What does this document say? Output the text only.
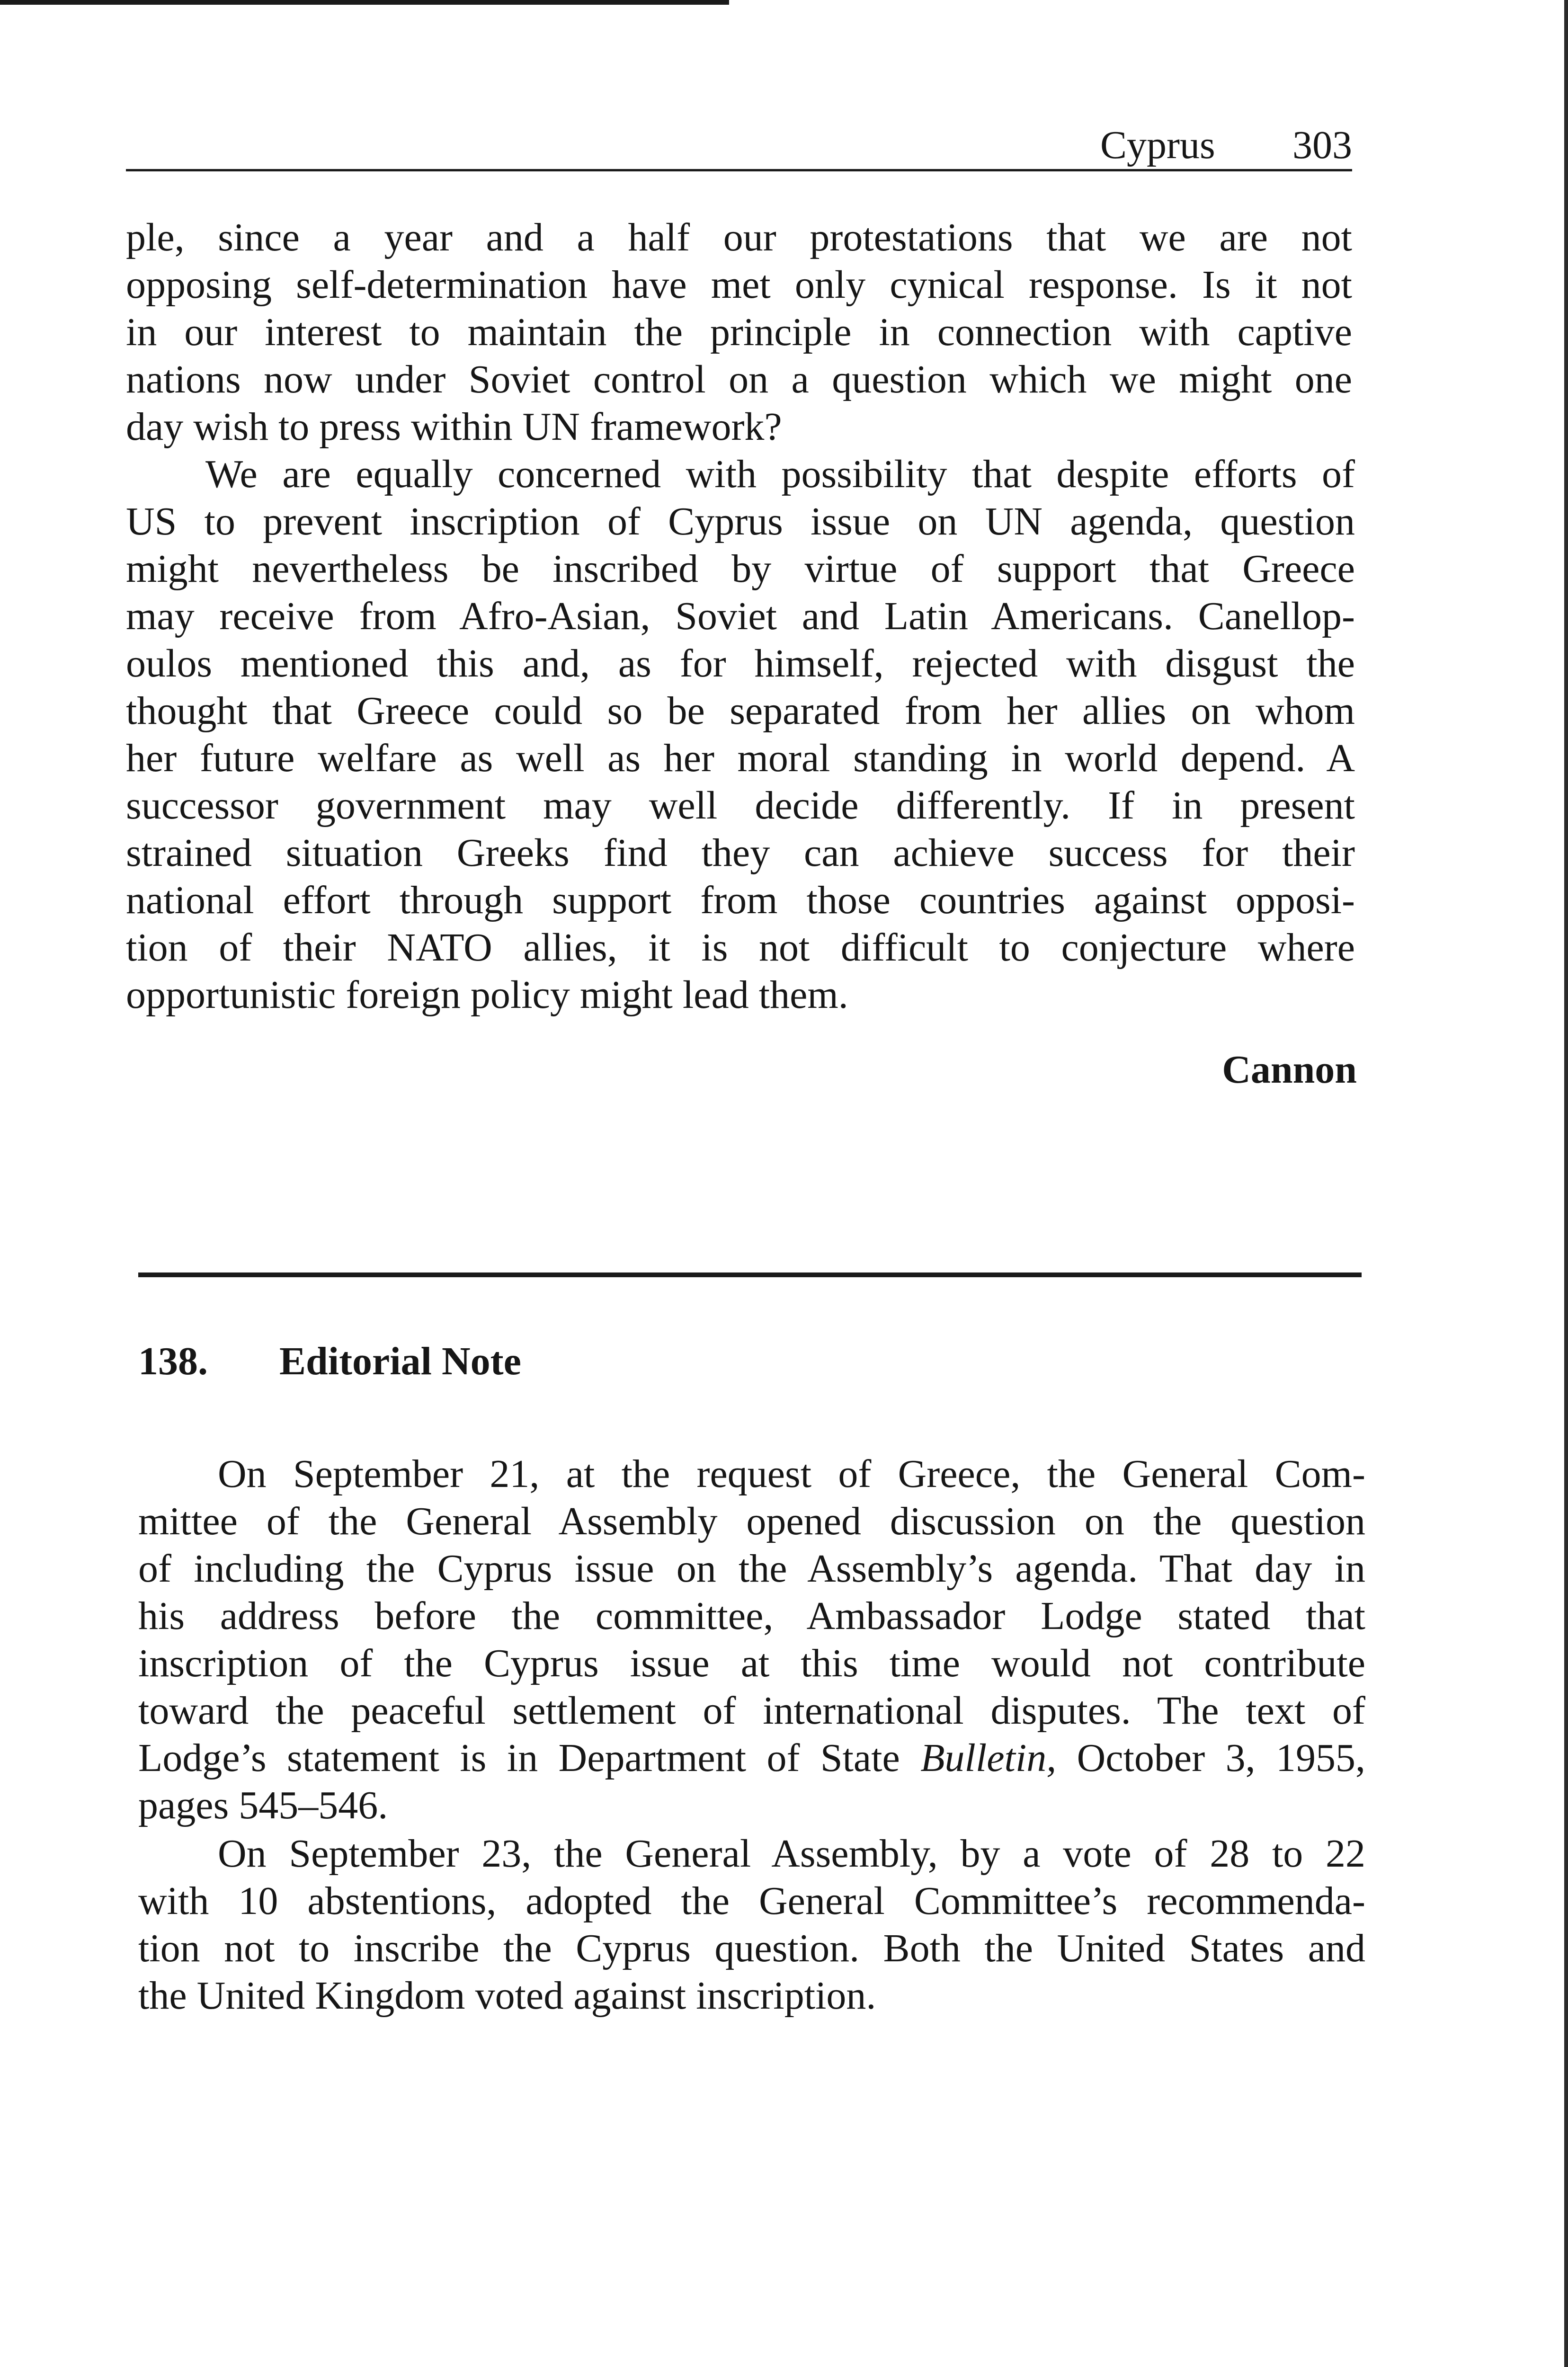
Cyprus 303
ple, since a year and a half our protestations that we are not
opposing self-determination have met only cynical response. Is it not
in our interest to maintain the principle in connection with captive
nations now under Soviet control on a question which we might one
day wish to press within UN framework?
We are equally concerned with possibility that despite efforts of
US to prevent inscription of Cyprus issue on UN agenda, question
might nevertheless be inscribed by virtue of support that Greece
may receive from Afro-Asian, Soviet and Latin Americans. Canellop-
oulos mentioned this and, as for himself, rejected with disgust the
thought that Greece could so be separated from her allies on whom
her future welfare as well as her moral standing in world depend. A
successor government may well decide differently. If in present
strained situation Greeks find they can achieve success for their
national effort through support from those countries against opposi-
tion of their NATO allies, it is not difficult to conjecture where
opportunistic foreign policy might lead them.
Cannon
138. Editorial Note
On September 21, at the request of Greece, the General Com-
mittee of the General Assembly opened discussion on the question
of including the Cyprus issue on the Assembly’s agenda. That day in
his address before the committee, Ambassador Lodge stated that
inscription of the Cyprus issue at this time would not contribute
toward the peaceful settlement of international disputes. The text of
Lodge’s statement is in Department of State Bulletin, October 3, 1955,
pages 545–546.
On September 23, the General Assembly, by a vote of 28 to 22
with 10 abstentions, adopted the General Committee’s recommenda-
tion not to inscribe the Cyprus question. Both the United States and
the United Kingdom voted against inscription.
